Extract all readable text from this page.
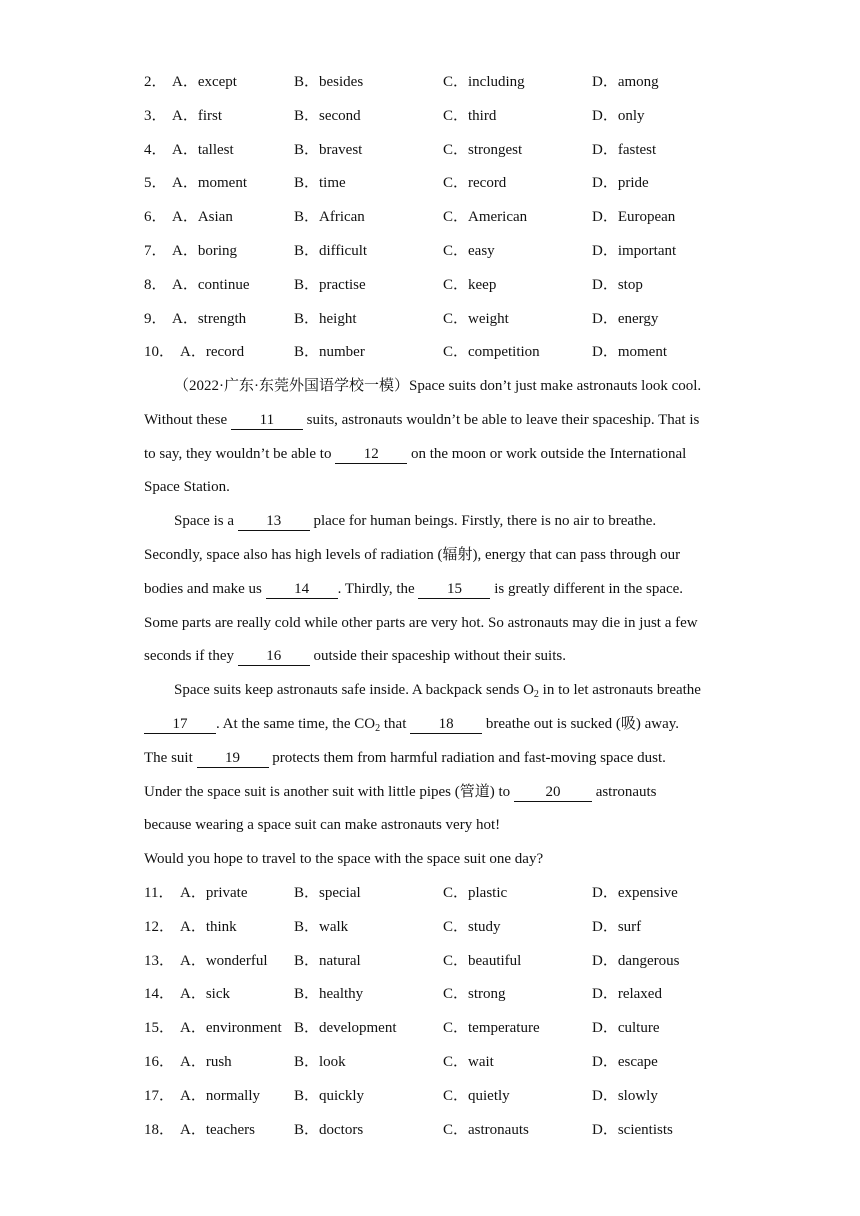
2． A．except	B．besides	C．including	D．among
3． A．first	B．second	C．third	D．only
4． A．tallest	B．bravest	C．strongest	D．fastest
5． A．moment	B．time	C．record	D．pride
6． A．Asian	B．African	C．American	D．European
7． A．boring	B．difficult	C．easy	D．important
8． A．continue	B．practise	C．keep	D．stop
9． A．strength	B．height	C．weight	D．energy
10． A．record	B．number	C．competition	D．moment
（2022·广东·东莞外国语学校一模）Space suits don’t just make astronauts look cool.
Without these 11 suits, astronauts wouldn’t be able to leave their spaceship. That is
to say, they wouldn’t be able to 12 on the moon or work outside the International
Space Station.
Space is a 13 place for human beings. Firstly, there is no air to breathe.
Secondly, space also has high levels of radiation (辐射), energy that can pass through our
bodies and make us 14 . Thirdly, the 15 is greatly different in the space.
Some parts are really cold while other parts are very hot. So astronauts may die in just a few
seconds if they 16 outside their spaceship without their suits.
Space suits keep astronauts safe inside. A backpack sends $O_2$ in to let astronauts breathe
17 . At the same time, the $CO_2$ that 18 breathe out is sucked (吸) away.
The suit 19 protects them from harmful radiation and fast-moving space dust.
Under the space suit is another suit with little pipes (管道) to 20 astronauts
because wearing a space suit can make astronauts very hot!
Would you hope to travel to the space with the space suit one day?
11． A．private	B．special	C．plastic	D．expensive
12． A．think	B．walk	C．study	D．surf
13． A．wonderful B．natural	C．beautiful	D．dangerous
14． A．sick	B．healthy	C．strong	D．relaxed
15． A．environment B．development	C．temperature	D．culture
16． A．rush	B．look	C．wait	D．escape
17． A．normally B．quickly	C．quietly	D．slowly
18． A．teachers	B．doctors	C．astronauts	D．scientists
